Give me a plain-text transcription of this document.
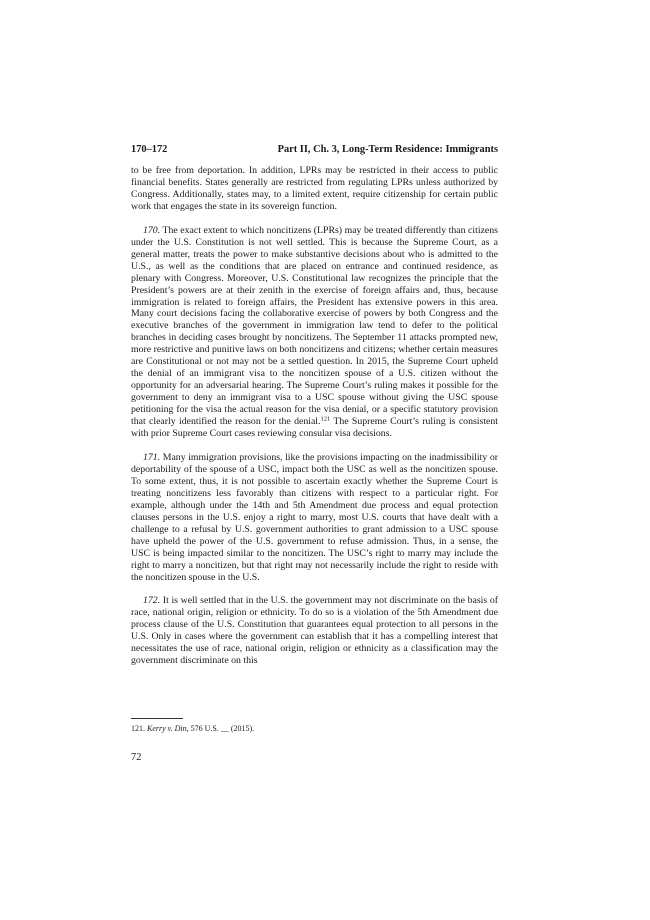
170–172	Part II, Ch. 3, Long-Term Residence: Immigrants

to be free from deportation. In addition, LPRs may be restricted in their access to public financial benefits. States generally are restricted from regulating LPRs unless authorized by Congress. Additionally, states may, to a limited extent, require citizenship for certain public work that engages the state in its sovereign function.

170. The exact extent to which noncitizens (LPRs) may be treated differently than citizens under the U.S. Constitution is not well settled. This is because the Supreme Court, as a general matter, treats the power to make substantive decisions about who is admitted to the U.S., as well as the conditions that are placed on entrance and continued residence, as plenary with Congress. Moreover, U.S. Constitutional law recognizes the principle that the President’s powers are at their zenith in the exercise of foreign affairs and, thus, because immigration is related to foreign affairs, the President has extensive powers in this area. Many court decisions facing the collaborative exercise of powers by both Congress and the executive branches of the government in immigration law tend to defer to the political branches in deciding cases brought by noncitizens. The September 11 attacks prompted new, more restrictive and punitive laws on both noncitizens and citizens; whether certain measures are Constitutional or not may not be a settled question. In 2015, the Supreme Court upheld the denial of an immigrant visa to the noncitizen spouse of a U.S. citizen without the opportunity for an adversarial hearing. The Supreme Court’s ruling makes it possible for the government to deny an immigrant visa to a USC spouse without giving the USC spouse petitioning for the visa the actual reason for the visa denial, or a specific statutory provision that clearly identified the reason for the denial.$^{121}$ The Supreme Court’s ruling is consistent with prior Supreme Court cases reviewing consular visa decisions.

171. Many immigration provisions, like the provisions impacting on the inadmissibility or deportability of the spouse of a USC, impact both the USC as well as the noncitizen spouse. To some extent, thus, it is not possible to ascertain exactly whether the Supreme Court is treating noncitizens less favorably than citizens with respect to a particular right. For example, although under the 14th and 5th Amendment due process and equal protection clauses persons in the U.S. enjoy a right to marry, most U.S. courts that have dealt with a challenge to a refusal by U.S. government authorities to grant admission to a USC spouse have upheld the power of the U.S. government to refuse admission. Thus, in a sense, the USC is being impacted similar to the noncitizen. The USC’s right to marry may include the right to marry a noncitizen, but that right may not necessarily include the right to reside with the noncitizen spouse in the U.S.

172. It is well settled that in the U.S. the government may not discriminate on the basis of race, national origin, religion or ethnicity. To do so is a violation of the 5th Amendment due process clause of the U.S. Constitution that guarantees equal protection to all persons in the U.S. Only in cases where the government can establish that it has a compelling interest that necessitates the use of race, national origin, religion or ethnicity as a classification may the government discriminate on this

121. Kerry v. Din, 576 U.S. __ (2015).
72
